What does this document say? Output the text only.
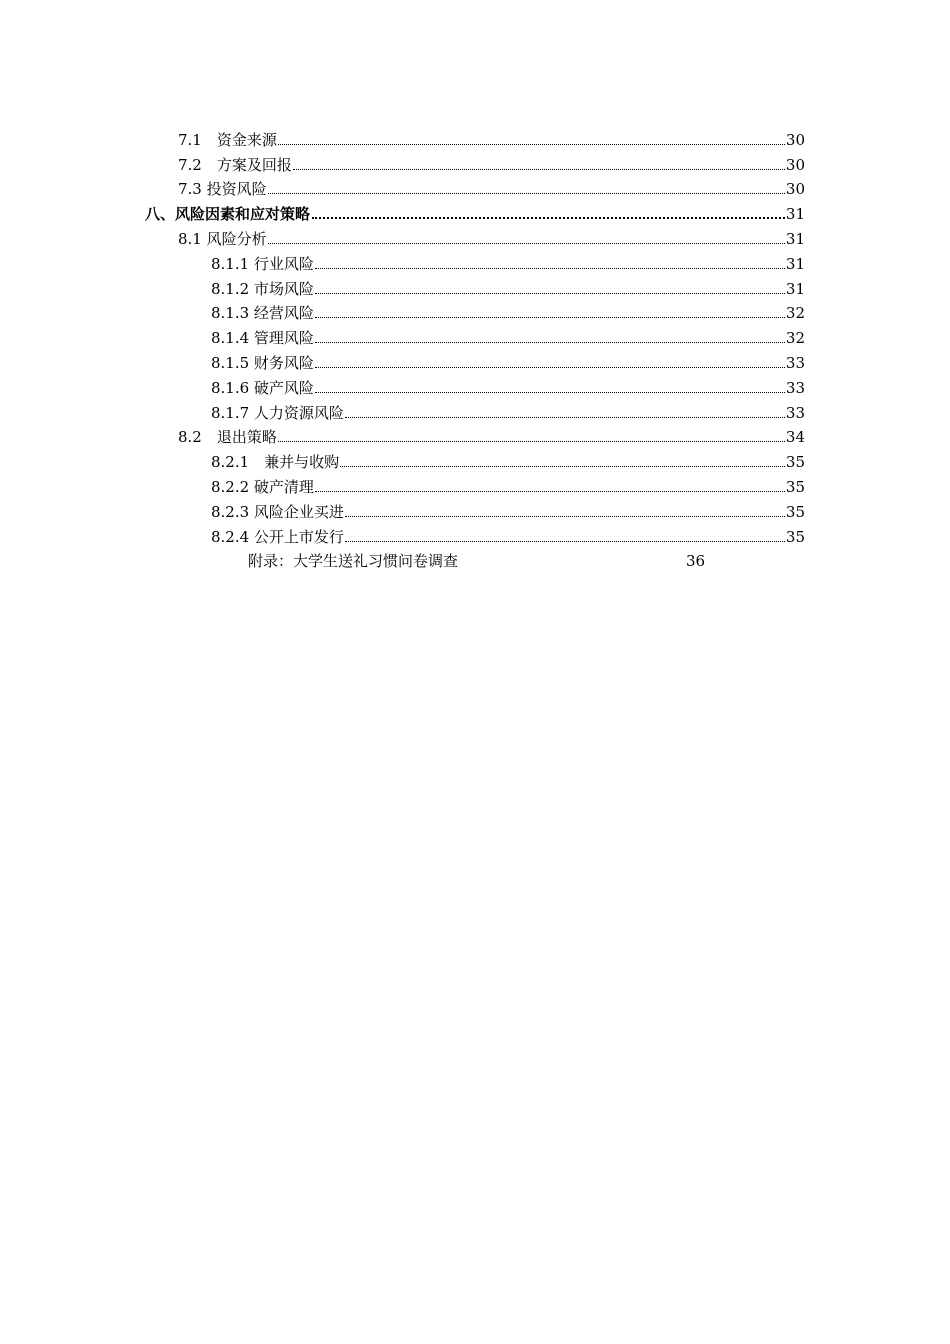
7.1　资金来源	30
7.2　方案及回报	30
7.3 投资风险	30
八、风险因素和应对策略	31
8.1 风险分析	31
8.1.1 行业风险	31
8.1.2 市场风险	31
8.1.3 经营风险	32
8.1.4 管理风险	32
8.1.5 财务风险	33
8.1.6 破产风险	33
8.1.7 人力资源风险	33
8.2　退出策略	34
8.2.1　兼并与收购	35
8.2.2 破产清理	35
8.2.3 风险企业买进	35
8.2.4 公开上市发行	35
附录：大学生送礼习惯问卷调查	36
